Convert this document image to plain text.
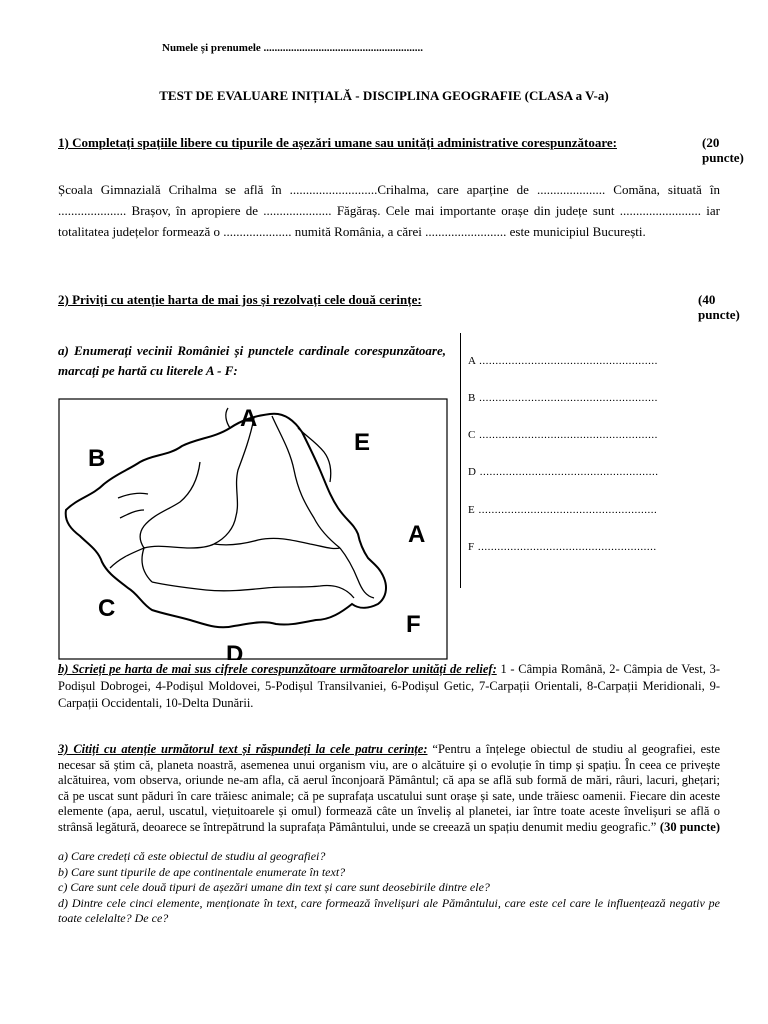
Numele și prenumele ..........................................................
TEST DE EVALUARE INIȚIALĂ - DISCIPLINA GEOGRAFIE (CLASA a V-a)
(20 puncte)
1) Completați spațiile libere cu tipurile de așezări umane sau unități administrative corespunzătoare:
Școala Gimnazială Crihalma se află în ...........................Crihalma, care aparține de ..................... Comăna, situată în ..................... Brașov, în apropiere de ..................... Făgăraș. Cele mai importante orașe din județe sunt ......................... iar totalitatea județelor formează o ..................... numită România, a cărei ......................... este municipiul București.
(40 puncte)
2) Priviți cu atenție harta de mai jos și rezolvați cele două cerințe:
a) Enumerați vecinii României și punctele cardinale corespunzătoare, marcați pe hartă cu literele A - F:
A .......................................................
B .......................................................
C .......................................................
D .......................................................
E .......................................................
F .......................................................
A
E
B
A
C
F
D
b) Scrieți pe harta de mai sus cifrele corespunzătoare următoarelor unități de relief: 1 - Câmpia Română, 2- Câmpia de Vest, 3-Podișul Dobrogei, 4-Podișul Moldovei, 5-Podișul Transilvaniei, 6-Podișul Getic, 7-Carpații Orientali, 8-Carpații Meridionali, 9-Carpații Occidentali, 10-Delta Dunării.
3) Citiți cu atenție următorul text și răspundeți la cele patru cerințe: “Pentru a înțelege obiectul de studiu al geografiei, este necesar să știm că, planeta noastră, asemenea unui organism viu, are o alcătuire și o evoluție în timp și spațiu. În ceea ce privește alcătuirea, vom observa, oriunde ne-am afla, că aerul înconjoară Pământul; că apa se află sub formă de mări, râuri, lacuri, ghețari; că pe uscat sunt păduri în care trăiesc animale; că pe suprafața uscatului sunt orașe și sate, unde trăiesc oamenii. Fiecare din aceste elemente (apa, aerul, uscatul, viețuitoarele și omul) formează câte un înveliș al planetei, iar între toate aceste învelișuri se află o strânsă legătură, deoarece se întrepătrund la suprafața Pământului, unde se creează un spațiu denumit mediu geografic.” (30 puncte)
a) Care credeți că este obiectul de studiu al geografiei?
b) Care sunt tipurile de ape continentale enumerate în text?
c) Care sunt cele două tipuri de așezări umane din text și care sunt deosebirile dintre ele?
d) Dintre cele cinci elemente, menționate în text, care formează învelișuri ale Pământului, care este cel care le influențează negativ pe toate celelalte? De ce?
